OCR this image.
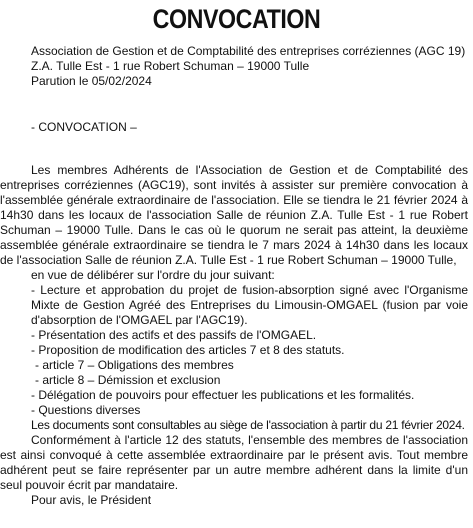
CONVOCATION
Association de Gestion et de Comptabilité des entreprises corréziennes (AGC 19)
Z.A. Tulle Est - 1 rue Robert Schuman – 19000 Tulle
Parution le 05/02/2024
- CONVOCATION –

Les membres Adhérents de l'Association de Gestion et de Comptabilité des entreprises corréziennes (AGC19), sont invités à assister sur première convocation à l'assemblée générale extraordinaire de l'association. Elle se tiendra le 21 février 2024 à 14h30 dans les locaux de l'association Salle de réunion Z.A. Tulle Est - 1 rue Robert Schuman – 19000 Tulle. Dans le cas où le quorum ne serait pas atteint, la deuxième assemblée générale extraordinaire se tiendra le 7 mars 2024 à 14h30 dans les locaux de l'association Salle de réunion Z.A. Tulle Est - 1 rue Robert Schuman – 19000 Tulle,

en vue de délibérer sur l'ordre du jour suivant:

- Lecture et approbation du projet de fusion-absorption signé avec l'Organisme Mixte de Gestion Agréé des Entreprises du Limousin-OMGAEL (fusion par voie d'absorption de l'OMGAEL par l'AGC19).

- Présentation des actifs et des passifs de l'OMGAEL.

- Proposition de modification des articles 7 et 8 des statuts.

- article 7 – Obligations des membres

- article 8 – Démission et exclusion

- Délégation de pouvoirs pour effectuer les publications et les formalités.

- Questions diverses

Les documents sont consultables au siège de l'association à partir du 21 février 2024.

Conformément à l'article 12 des statuts, l'ensemble des membres de l'association est ainsi convoqué à cette assemblée extraordinaire par le présent avis. Tout membre adhérent peut se faire représenter par un autre membre adhérent dans la limite d'un seul pouvoir écrit par mandataire.

Pour avis, le Président
